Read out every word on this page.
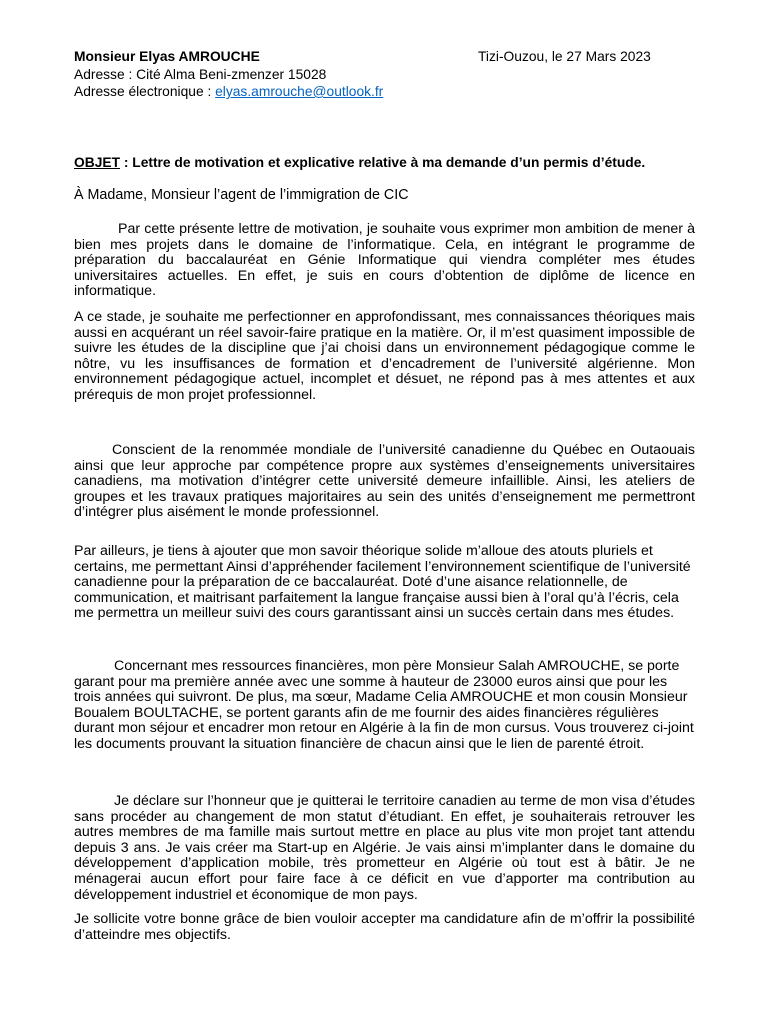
Monsieur Elyas AMROUCHE
Adresse : Cité Alma Beni-zmenzer 15028
Adresse électronique : elyas.amrouche@outlook.fr
Tizi-Ouzou, le 27 Mars 2023
OBJET : Lettre de motivation et explicative relative à ma demande d’un permis d’étude.
À Madame, Monsieur l’agent de l’immigration de CIC

Par cette présente lettre de motivation, je souhaite vous exprimer mon ambition de mener à bien mes projets dans le domaine de l’informatique. Cela, en intégrant le programme de préparation du baccalauréat en Génie Informatique qui viendra compléter mes études universitaires actuelles. En effet, je suis en cours d’obtention de diplôme de licence en informatique.

A ce stade, je souhaite me perfectionner en approfondissant, mes connaissances théoriques mais aussi en acquérant un réel savoir-faire pratique en la matière. Or, il m’est quasiment impossible de suivre les études de la discipline que j’ai choisi dans un environnement pédagogique comme le nôtre, vu les insuffisances de formation et d’encadrement de l’université algérienne. Mon environnement pédagogique actuel, incomplet et désuet, ne répond pas à mes attentes et aux prérequis de mon projet professionnel.

Conscient de la renommée mondiale de l’université canadienne du Québec en Outaouais ainsi que leur approche par compétence propre aux systèmes d’enseignements universitaires canadiens, ma motivation d’intégrer cette université demeure infaillible. Ainsi, les ateliers de groupes et les travaux pratiques majoritaires au sein des unités d’enseignement me permettront d’intégrer plus aisément le monde professionnel.

Par ailleurs, je tiens à ajouter que mon savoir théorique solide m’alloue des atouts pluriels et certains, me permettant Ainsi d’appréhender facilement l’environnement scientifique de l’université canadienne pour la préparation de ce baccalauréat. Doté d’une aisance relationnelle, de communication, et maitrisant parfaitement la langue française aussi bien à l’oral qu’à l’écris, cela me permettra un meilleur suivi des cours garantissant ainsi un succès certain dans mes études.

Concernant mes ressources financières, mon père Monsieur Salah AMROUCHE, se porte garant pour ma première année avec une somme à hauteur de 23000 euros ainsi que pour les trois années qui suivront. De plus, ma sœur, Madame Celia AMROUCHE et mon cousin Monsieur Boualem BOULTACHE, se portent garants afin de me fournir des aides financières régulières durant mon séjour et encadrer mon retour en Algérie à la fin de mon cursus. Vous trouverez ci-joint les documents prouvant la situation financière de chacun ainsi que le lien de parenté étroit.

Je déclare sur l’honneur que je quitterai le territoire canadien au terme de mon visa d’études sans procéder au changement de mon statut d’étudiant. En effet, je souhaiterais retrouver les autres membres de ma famille mais surtout mettre en place au plus vite mon projet tant attendu depuis 3 ans. Je vais créer ma Start-up en Algérie. Je vais ainsi m’implanter dans le domaine du développement d’application mobile, très prometteur en Algérie où tout est à bâtir. Je ne ménagerai aucun effort pour faire face à ce déficit en vue d’apporter ma contribution au développement industriel et économique de mon pays.

Je sollicite votre bonne grâce de bien vouloir accepter ma candidature afin de m’offrir la possibilité d’atteindre mes objectifs.
